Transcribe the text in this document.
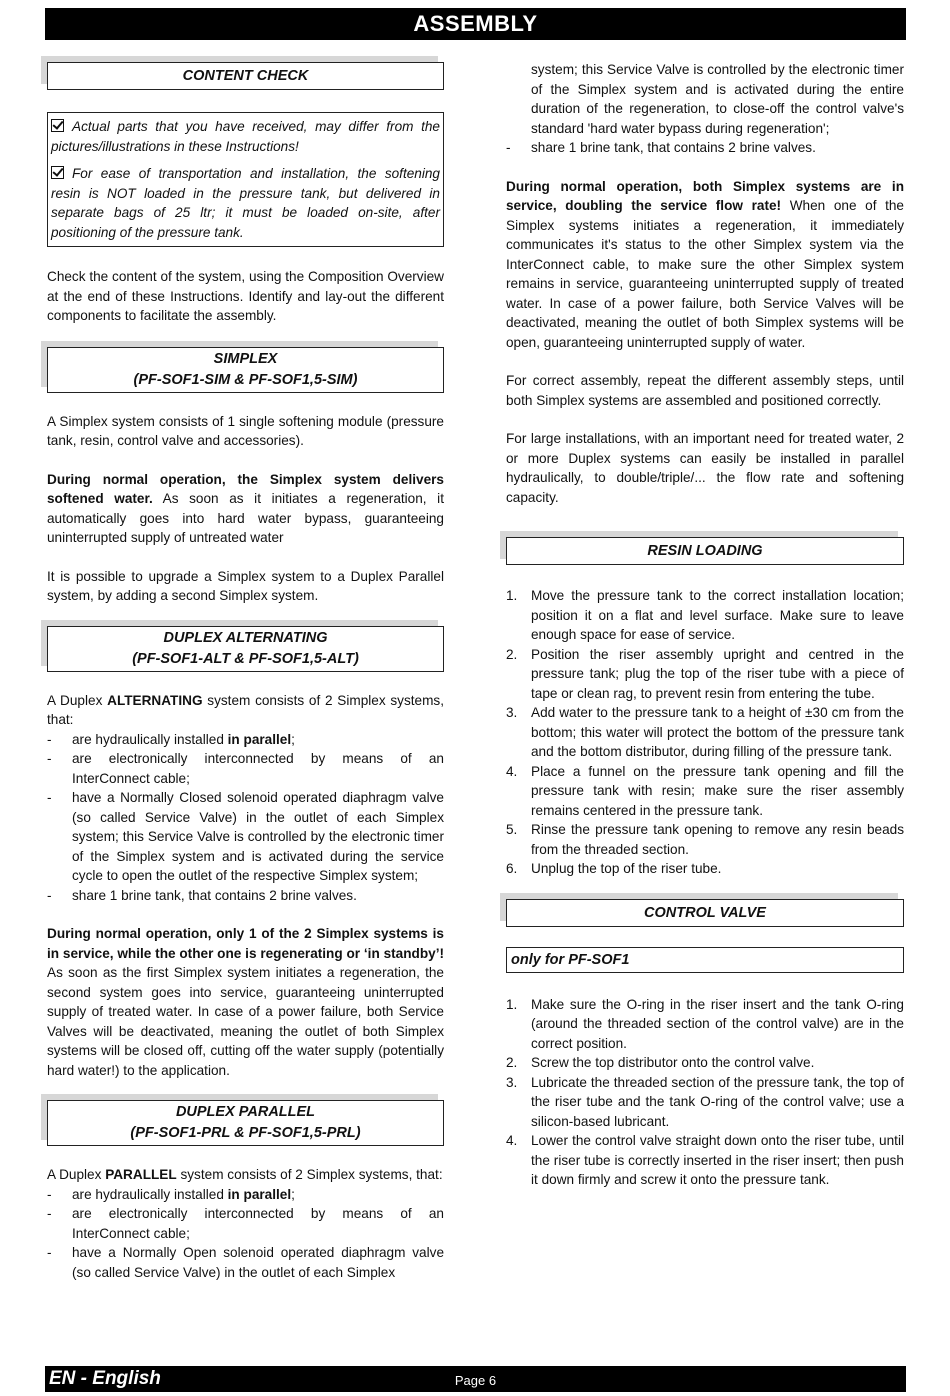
ASSEMBLY
CONTENT CHECK

Actual parts that you have received, may differ from the pictures/illustrations in these Instructions!

For ease of transportation and installation, the softening resin is NOT loaded in the pressure tank, but delivered in separate bags of 25 ltr; it must be loaded on-site, after positioning of the pressure tank.

Check the content of the system, using the Composition Overview at the end of these Instructions. Identify and lay-out the different components to facilitate the assembly.

SIMPLEX
(PF-SOF1-SIM & PF-SOF1,5-SIM)

A Simplex system consists of 1 single softening module (pressure tank, resin, control valve and accessories).

During normal operation, the Simplex system delivers softened water. As soon as it initiates a regeneration, it automatically goes into hard water bypass, guaranteeing uninterrupted supply of untreated water

It is possible to upgrade a Simplex system to a Duplex Parallel system, by adding a second Simplex system.

DUPLEX ALTERNATING
(PF-SOF1-ALT & PF-SOF1,5-ALT)

A Duplex ALTERNATING system consists of 2 Simplex systems, that:

- are hydraulically installed in parallel;
- are electronically interconnected by means of an InterConnect cable;
- have a Normally Closed solenoid operated diaphragm valve (so called Service Valve) in the outlet of each Simplex system; this Service Valve is controlled by the electronic timer of the Simplex system and is activated during the service cycle to open the outlet of the respective Simplex system;
- share 1 brine tank, that contains 2 brine valves.

During normal operation, only 1 of the 2 Simplex systems is in service, while the other one is regenerating or ‘in standby’! As soon as the first Simplex system initiates a regeneration, the second system goes into service, guaranteeing uninterrupted supply of treated water. In case of a power failure, both Service Valves will be deactivated, meaning the outlet of both Simplex systems will be closed off, cutting off the water supply (potentially hard water!) to the application.

DUPLEX PARALLEL
(PF-SOF1-PRL & PF-SOF1,5-PRL)

A Duplex PARALLEL system consists of 2 Simplex systems, that:

- are hydraulically installed in parallel;
- are electronically interconnected by means of an InterConnect cable;
- have a Normally Open solenoid operated diaphragm valve (so called Service Valve) in the outlet of each Simplex
system; this Service Valve is controlled by the electronic timer of the Simplex system and is activated during the entire duration of the regeneration, to close-off the control valve's standard 'hard water bypass during regeneration';
- share 1 brine tank, that contains 2 brine valves.

During normal operation, both Simplex systems are in service, doubling the service flow rate! When one of the Simplex systems initiates a regeneration, it immediately communicates it's status to the other Simplex system via the InterConnect cable, to make sure the other Simplex system remains in service, guaranteeing uninterrupted supply of treated water. In case of a power failure, both Service Valves will be deactivated, meaning the outlet of both Simplex systems will be open, guaranteeing uninterrupted supply of water.

For correct assembly, repeat the different assembly steps, until both Simplex systems are assembled and positioned correctly.

For large installations, with an important need for treated water, 2 or more Duplex systems can easily be installed in parallel hydraulically, to double/triple/... the flow rate and softening capacity.

RESIN LOADING
1. Move the pressure tank to the correct installation location; position it on a flat and level surface. Make sure to leave enough space for ease of service.
2. Position the riser assembly upright and centred in the pressure tank; plug the top of the riser tube with a piece of tape or clean rag, to prevent resin from entering the tube.
3. Add water to the pressure tank to a height of ±30 cm from the bottom; this water will protect the bottom of the pressure tank and the bottom distributor, during filling of the pressure tank.
4. Place a funnel on the pressure tank opening and fill the pressure tank with resin; make sure the riser assembly remains centered in the pressure tank.
5. Rinse the pressure tank opening to remove any resin beads from the threaded section.
6. Unplug the top of the riser tube.
CONTROL VALVE
only for PF-SOF1
1. Make sure the O-ring in the riser insert and the tank O-ring (around the threaded section of the control valve) are in the correct position.
2. Screw the top distributor onto the control valve.
3. Lubricate the threaded section of the pressure tank, the top of the riser tube and the tank O-ring of the control valve; use a silicon-based lubricant.
4. Lower the control valve straight down onto the riser tube, until the riser tube is correctly inserted in the riser insert; then push it down firmly and screw it onto the pressure tank.
EN - English	Page 6
